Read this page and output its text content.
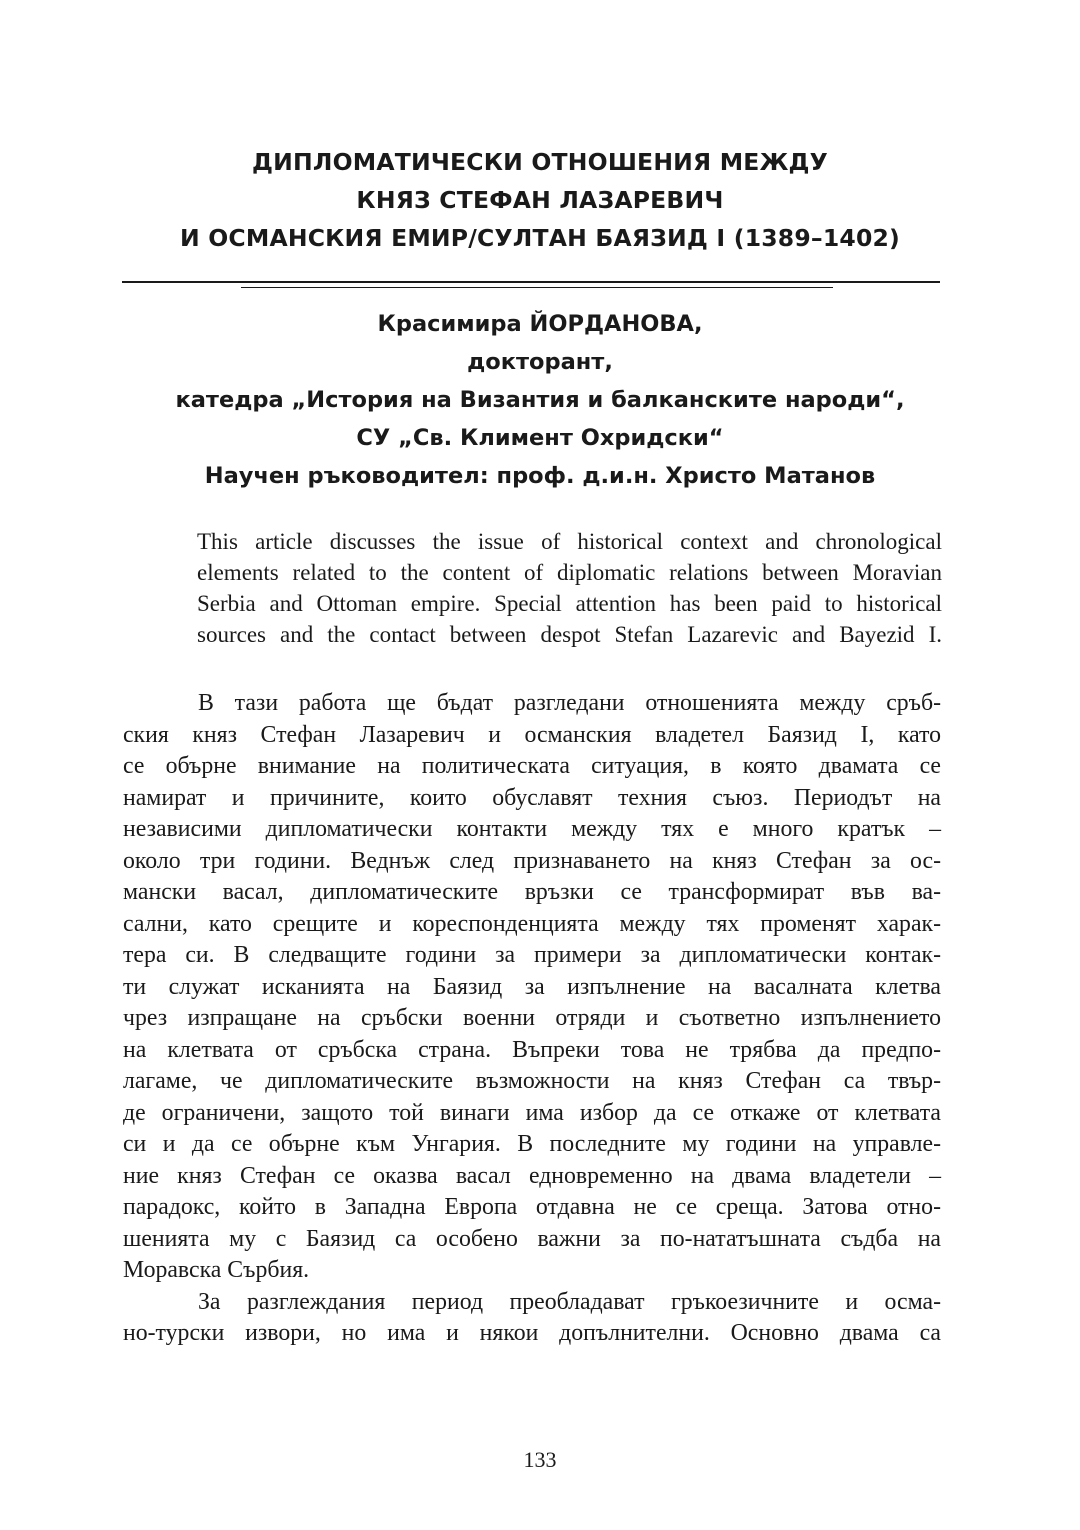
ДИПЛОМАТИЧЕСКИ ОТНОШЕНИЯ МЕЖДУ
КНЯЗ СТЕФАН ЛАЗАРЕВИЧ
И ОСМАНСКИЯ ЕМИР/СУЛТАН БАЯЗИД I (1389–1402)
Красимира ЙОРДАНОВА,
докторант,
катедра „История на Византия и балканските народи“,
СУ „Св. Климент Охридски“
Научен ръководител: проф. д.и.н. Христо Матанов
This article discusses the issue of historical context and chronological
elements related to the content of diplomatic relations between Moravian
Serbia and Ottoman empire. Special attention has been paid to historical
sources and the contact between despot Stefan Lazarevic and Bayezid I.
В тази работа ще бъдат разгледани отношенията между сръб-
ския княз Стефан Лазаревич и османския владетел Баязид I, като
се обърне внимание на политическата ситуация, в която двамата се
намират и причините, които обуславят техния съюз. Периодът на
независими дипломатически контакти между тях е много кратък –
около три години. Веднъж след признаването на княз Стефан за ос-
мански васал, дипломатическите връзки се трансформират във ва-
сални, като срещите и кореспонденцията между тях променят харак-
тера си. В следващите години за примери за дипломатически контак-
ти служат исканията на Баязид за изпълнение на васалната клетва
чрез изпращане на сръбски военни отряди и съответно изпълнението
на клетвата от сръбска страна. Въпреки това не трябва да предпо-
лагаме, че дипломатическите възможности на княз Стефан са твър-
де ограничени, защото той винаги има избор да се откаже от клетвата
си и да се обърне към Унгария. В последните му години на управле-
ние княз Стефан се оказва васал едновременно на двама владетели –
парадокс, който в Западна Европа отдавна не се среща. Затова отно-
шенията му с Баязид са особено важни за по-нататъшната съдба на
Моравска Сърбия.
За разглеждания период преобладават гръкоезичните и осма-
но-турски извори, но има и някои допълнителни. Основно двама са
133
